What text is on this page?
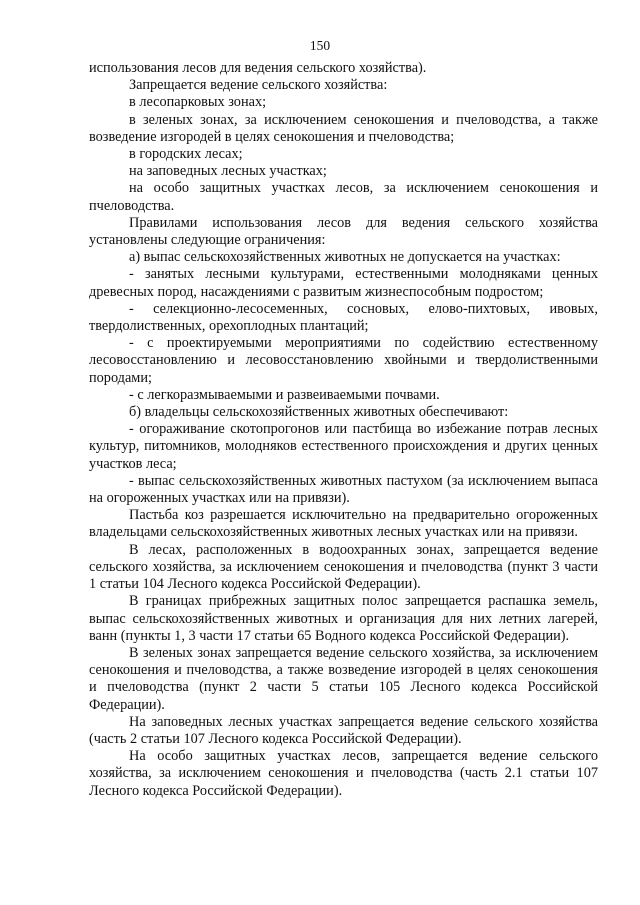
150

использования лесов для ведения сельского хозяйства).

Запрещается ведение сельского хозяйства:

в лесопарковых зонах;

в зеленых зонах, за исключением сенокошения и пчеловодства, а также возведение изгородей в целях сенокошения и пчеловодства;

в городских лесах;

на заповедных лесных участках;

на особо защитных участках лесов, за исключением сенокошения и пчеловодства.

Правилами использования лесов для ведения сельского хозяйства установлены следующие ограничения:

а) выпас сельскохозяйственных животных не допускается на участках:

- занятых лесными культурами, естественными молодняками ценных древесных пород, насаждениями с развитым жизнеспособным подростом;

- селекционно-лесосеменных, сосновых, елово-пихтовых, ивовых, твердолиственных, орехоплодных плантаций;

- с проектируемыми мероприятиями по содействию естественному лесовосстановлению и лесовосстановлению хвойными и твердолиственными породами;

- с легкоразмываемыми и развеиваемыми почвами.

б) владельцы сельскохозяйственных животных обеспечивают:

- огораживание скотопрогонов или пастбища во избежание потрав лесных культур, питомников, молодняков естественного происхождения и других ценных участков леса;

- выпас сельскохозяйственных животных пастухом (за исключением выпаса на огороженных участках или на привязи).

Пастьба коз разрешается исключительно на предварительно огороженных владельцами сельскохозяйственных животных лесных участках или на привязи.

В лесах, расположенных в водоохранных зонах, запрещается ведение сельского хозяйства, за исключением сенокошения и пчеловодства (пункт 3 части 1 статьи 104 Лесного кодекса Российской Федерации).

В границах прибрежных защитных полос запрещается распашка земель, выпас сельскохозяйственных животных и организация для них летних лагерей, ванн (пункты 1, 3 части 17 статьи 65 Водного кодекса Российской Федерации).

В зеленых зонах запрещается ведение сельского хозяйства, за исключением сенокошения и пчеловодства, а также возведение изгородей в целях сенокошения и пчеловодства (пункт 2 части 5 статьи 105 Лесного кодекса Российской Федерации).

На заповедных лесных участках запрещается ведение сельского хозяйства (часть 2 статьи 107 Лесного кодекса Российской Федерации).

На особо защитных участках лесов, запрещается ведение сельского хозяйства, за исключением сенокошения и пчеловодства (часть 2.1 статьи 107 Лесного кодекса Российской Федерации).
